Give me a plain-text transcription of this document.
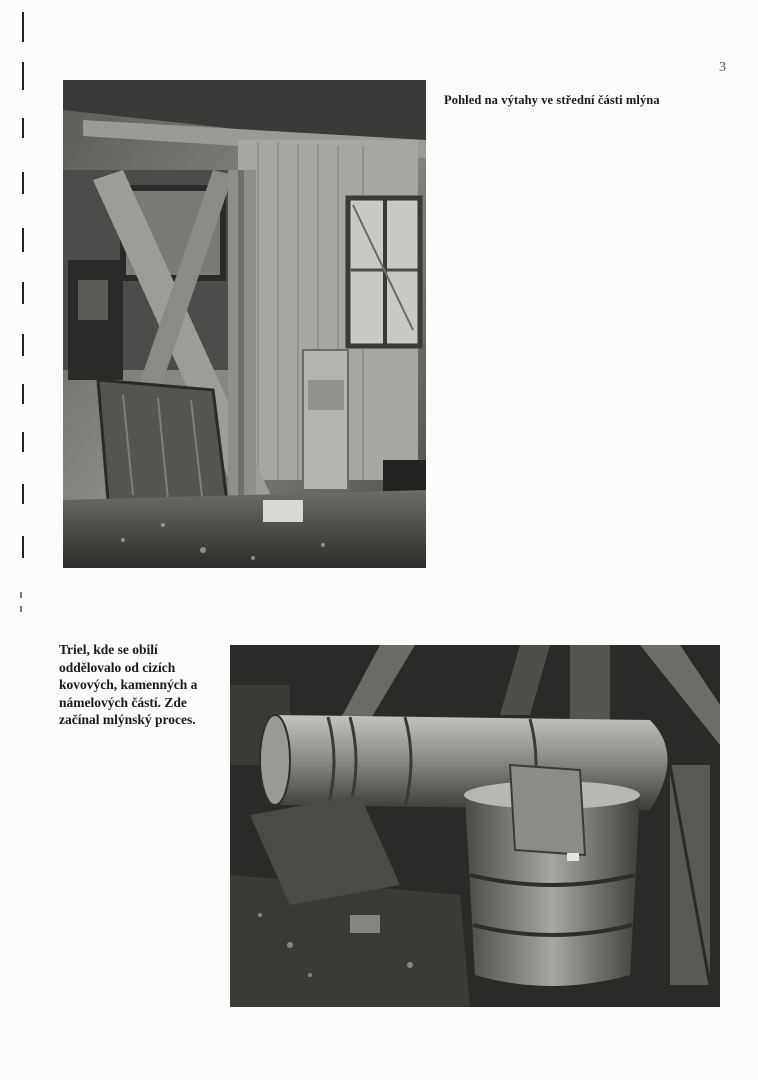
3
Pohled na výtahy ve střední části mlýna
Triel, kde se obilí
oddělovalo od cizích
kovových, kamenných a
námelových částí. Zde
začínal mlýnský proces.
